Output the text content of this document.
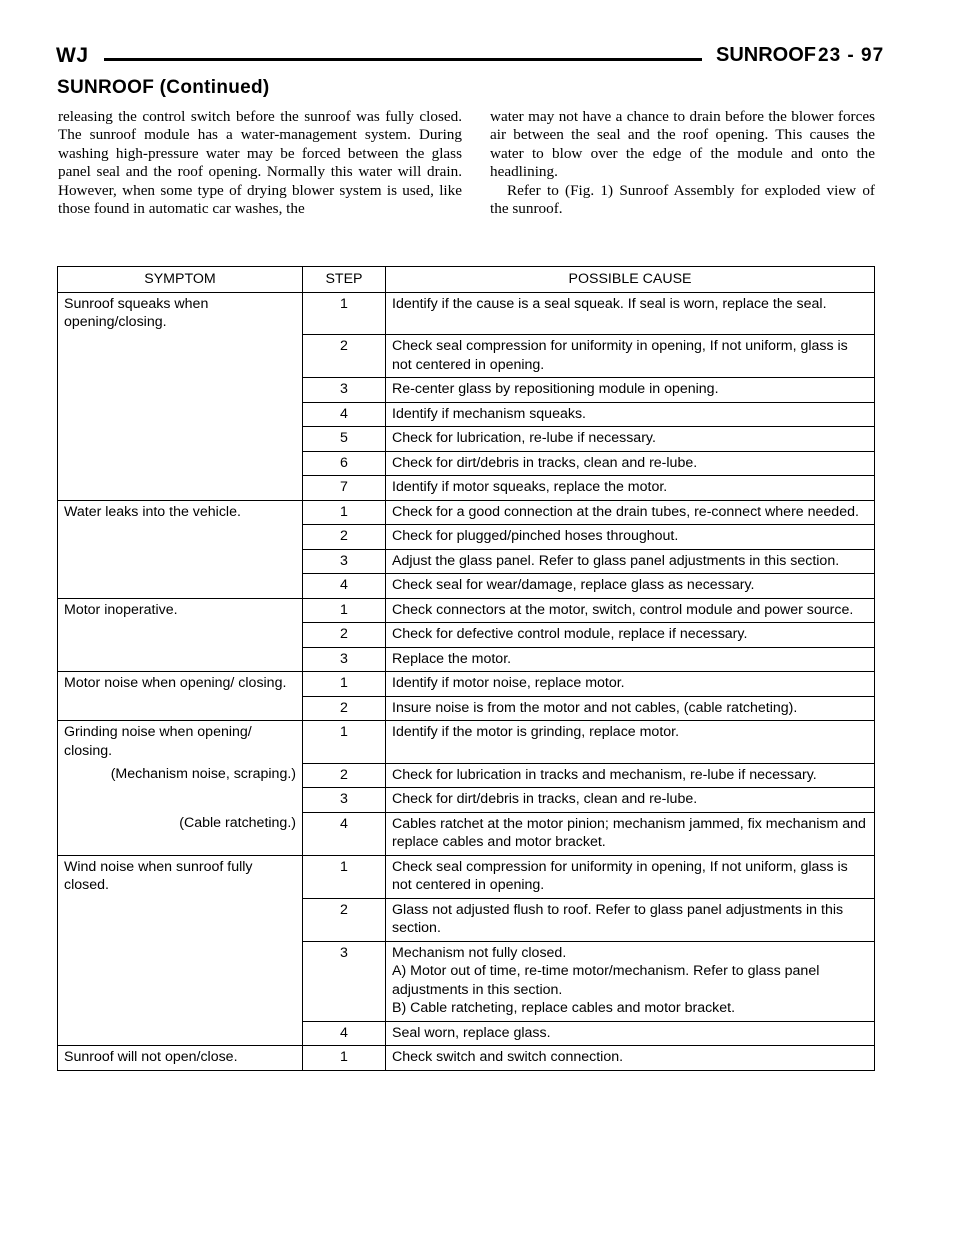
WJ	SUNROOF 23 - 97
SUNROOF (Continued)

releasing the control switch before the sunroof was fully closed. The sunroof module has a water-management system. During washing high-pressure water may be forced between the glass panel seal and the roof opening. Normally this water will drain. However, when some type of drying blower system is used, like those found in automatic car washes, the

water may not have a chance to drain before the blower forces air between the seal and the roof opening. This causes the water to blow over the edge of the module and onto the headlining.

Refer to (Fig. 1) Sunroof Assembly for exploded view of the sunroof.

SYMPTOM	STEP	POSSIBLE CAUSE
Sunroof squeaks when opening/closing.	1	Identify if the cause is a seal squeak. If seal is worn, replace the seal.
	2	Check seal compression for uniformity in opening, If not uniform, glass is not centered in opening.
	3	Re-center glass by repositioning module in opening.
	4	Identify if mechanism squeaks.
	5	Check for lubrication, re-lube if necessary.
	6	Check for dirt/debris in tracks, clean and re-lube.
	7	Identify if motor squeaks, replace the motor.
Water leaks into the vehicle.	1	Check for a good connection at the drain tubes, re-connect where needed.
	2	Check for plugged/pinched hoses throughout.
	3	Adjust the glass panel. Refer to glass panel adjustments in this section.
	4	Check seal for wear/damage, replace glass as necessary.
Motor inoperative.	1	Check connectors at the motor, switch, control module and power source.
	2	Check for defective control module, replace if necessary.
	3	Replace the motor.
Motor noise when opening/ closing.	1	Identify if motor noise, replace motor.
	2	Insure noise is from the motor and not cables, (cable ratcheting).
Grinding noise when opening/ closing.	1	Identify if the motor is grinding, replace motor.

(Mechanism noise, scraping.)	2	Check for lubrication in tracks and mechanism, re-lube if necessary.
	3	Check for dirt/debris in tracks, clean and re-lube.

(Cable ratcheting.)	4	Cables ratchet at the motor pinion; mechanism jammed, fix mechanism and replace cables and motor bracket.
Wind noise when sunroof fully closed.	1	Check seal compression for uniformity in opening, If not uniform, glass is not centered in opening.
	2	Glass not adjusted flush to roof. Refer to glass panel adjustments in this section.
	3	Mechanism not fully closed.
A) Motor out of time, re-time motor/mechanism. Refer to glass panel adjustments in this section.
B) Cable ratcheting, replace cables and motor bracket.

	4	Seal worn, replace glass.
Sunroof will not open/close.	1	Check switch and switch connection.
